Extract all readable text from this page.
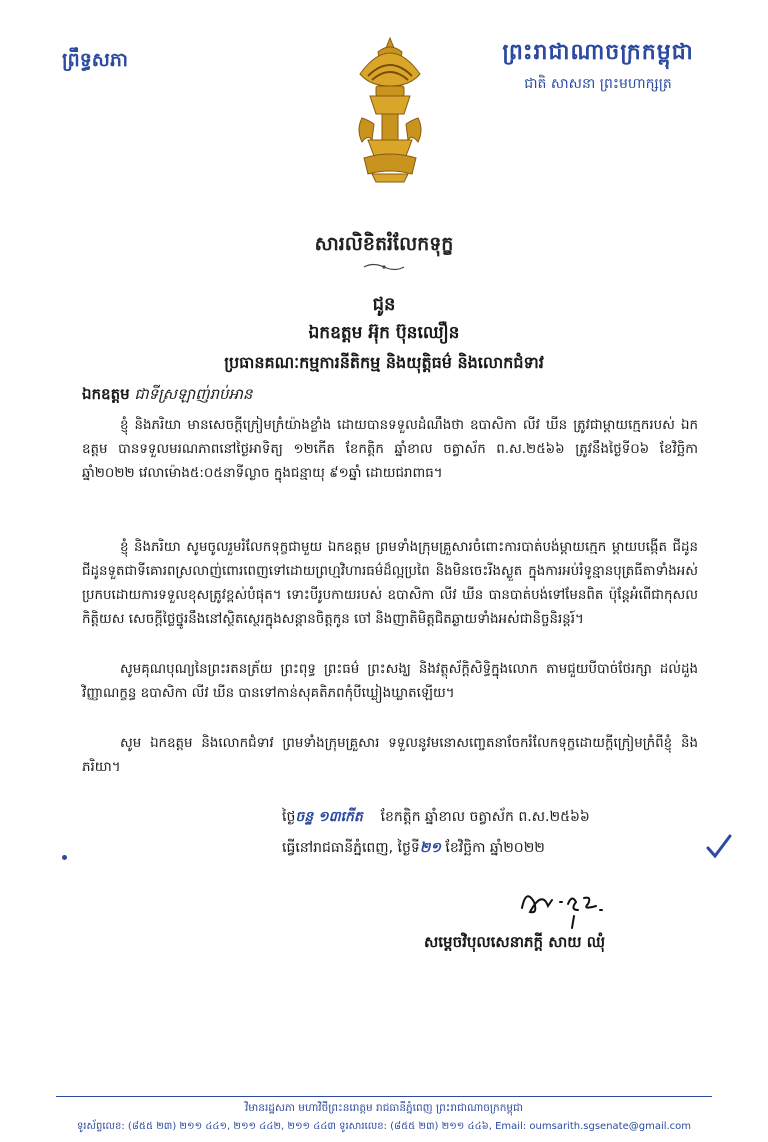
ព្រឹទ្ធសភា	ព្រះរាជាណាចក្រកម្ពុជា
ជាតិ សាសនា ព្រះមហាក្សត្រ
សារលិខិតរំលែកទុក្ខ
ជូន
ឯកឧត្តម អ៊ុក ប៊ុនឈឿន
ប្រធានគណៈកម្មការនីតិកម្ម និងយុត្តិធម៌ និងលោកជំទាវ
ឯកឧត្តម ជាទីស្រឡាញ់រាប់អាន
ខ្ញុំ និងភរិយា មានសេចក្តីក្រៀមក្រំយ៉ាងខ្លាំង ដោយបានទទួលដំណឹងថា ឧបាសិកា លីវ ឃីន ត្រូវជាម្តាយក្មេករបស់ ឯកឧត្តម បានទទួលមរណភាពនៅថ្ងៃអាទិត្យ ១២កើត ខែកត្តិក ឆ្នាំខាល ចត្វាស័ក ព.ស.២៥៦៦ ត្រូវនឹងថ្ងៃទី០៦ ខែវិច្ឆិកា ឆ្នាំ២០២២ វេលាម៉ោង៥:០៥នាទីល្ងាច ក្នុងជន្មាយុ ៩១ឆ្នាំ ដោយជរាពាធ។
ខ្ញុំ និងភរិយា សូមចូលរួមរំលែកទុក្ខជាមួយ ឯកឧត្តម ព្រមទាំងក្រុមគ្រួសារចំពោះការបាត់បង់ម្តាយក្មេក ម្តាយបង្កើត ជីដូន ជីដូនទួតជាទីគោរពស្រលាញ់ពោរពេញទៅដោយព្រហ្មវិហារធម៌ដ៏ល្អប្រពៃ និងមិនចេះរីងស្ងួត ក្នុងការអប់រំទូន្មានបុត្រធីតាទាំងអស់ប្រកបដោយការទទួលខុសត្រូវខ្ពស់បំផុត។ ទោះបីរូបកាយរបស់ ឧបាសិកា លីវ ឃីន បានបាត់បង់ទៅមែនពិត ប៉ុន្តែអំពើជាកុសល កិត្តិយស សេចក្តីថ្លៃថ្នូរនឹងនៅស្ថិតស្ថេរក្នុងសន្តានចិត្តកូន ចៅ និងញាតិមិត្តជិតឆ្ងាយទាំងអស់ជានិច្ចនិរន្តរ៍។
សូមគុណបុណ្យនៃព្រះរតនត្រ័យ ព្រះពុទ្ធ ព្រះធម៌ ព្រះសង្ឃ និងវត្ថុស័ក្តិសិទ្ធិក្នុងលោក តាមជួយបីបាច់ថែរក្សា ដល់ដួងវិញ្ញាណក្ខន្ធ ឧបាសិកា លីវ ឃីន បានទៅកាន់សុគតិភពកុំបីឃ្លៀងឃ្លាតឡើយ។
សូម ឯកឧត្តម និងលោកជំទាវ ព្រមទាំងក្រុមគ្រួសារ ទទួលនូវមនោសញ្ចេតនាចែករំលែកទុក្ខដោយក្តីក្រៀមក្រំពីខ្ញុំ និងភរិយា។
ថ្ងៃចន្ទ ១៣កើត ខែកត្តិក ឆ្នាំខាល ចត្វាស័ក ព.ស.២៥៦៦
ធ្វើនៅរាជធានីភ្នំពេញ, ថ្ងៃទី២១ ខែវិច្ឆិកា ឆ្នាំ២០២២
សម្តេចវិបុលសេនាភក្តី សាយ ឈុំ
វិមានរដ្ឋសភា មហាវិថីព្រះនរោត្តម រាជធានីភ្នំពេញ ព្រះរាជាណាចក្រកម្ពុជា
ទូរស័ព្ទលេខ: (៨៥៥ ២៣) ២១១ ៤៤១, ២១១ ៤៤២, ២១១ ៤៤៣ ទូរសារលេខ: (៨៥៥ ២៣) ២១១ ៤៤៦, Email: oumsarith.sgsenate@gmail.com
